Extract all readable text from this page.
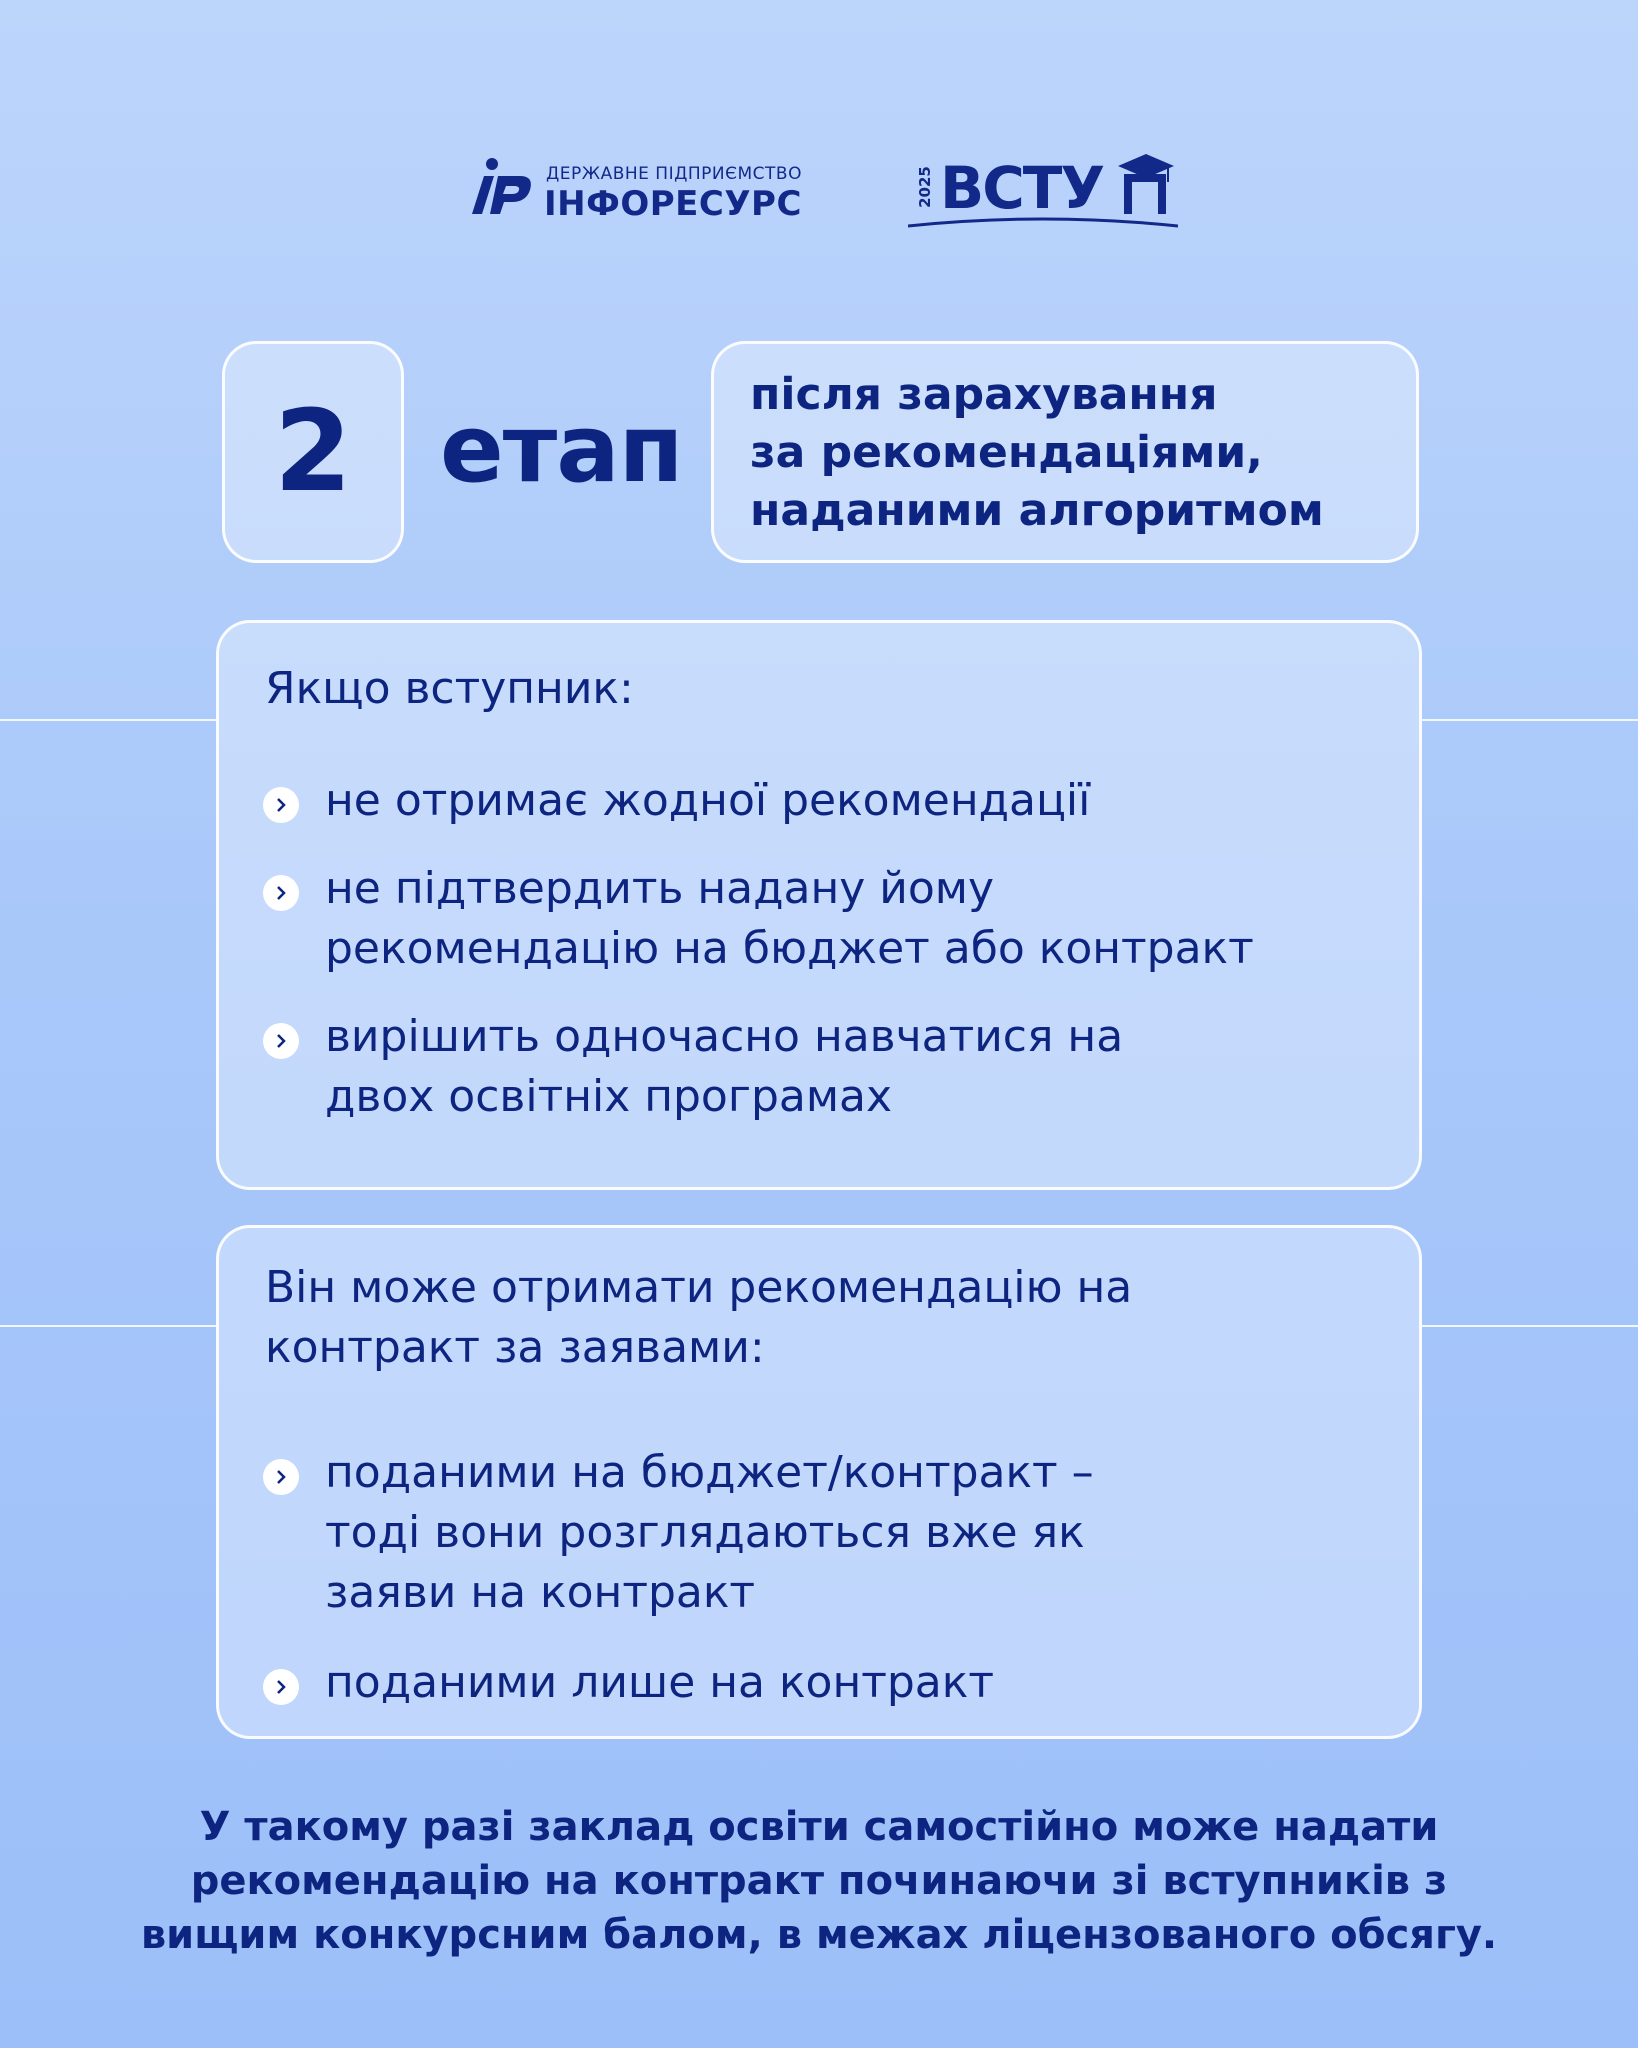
ДЕРЖАВНЕ ПІДПРИЄМСТВО
ІНФОРЕСУРС	2025 ВСТУ
2 етап
після зарахування
за рекомендаціями,
наданими алгоритмом
Якщо вступник:
не отримає жодної рекомендації
не підтвердить надану йому
рекомендацію на бюджет або контракт
вирішить одночасно навчатися на
двох освітніх програмах
Він може отримати рекомендацію на
контракт за заявами:
поданими на бюджет/контракт –
тоді вони розглядаються вже як
заяви на контракт
поданими лише на контракт
У такому разі заклад освіти самостійно може надати
рекомендацію на контракт починаючи зі вступників з
вищим конкурсним балом, в межах ліцензованого обсягу.
